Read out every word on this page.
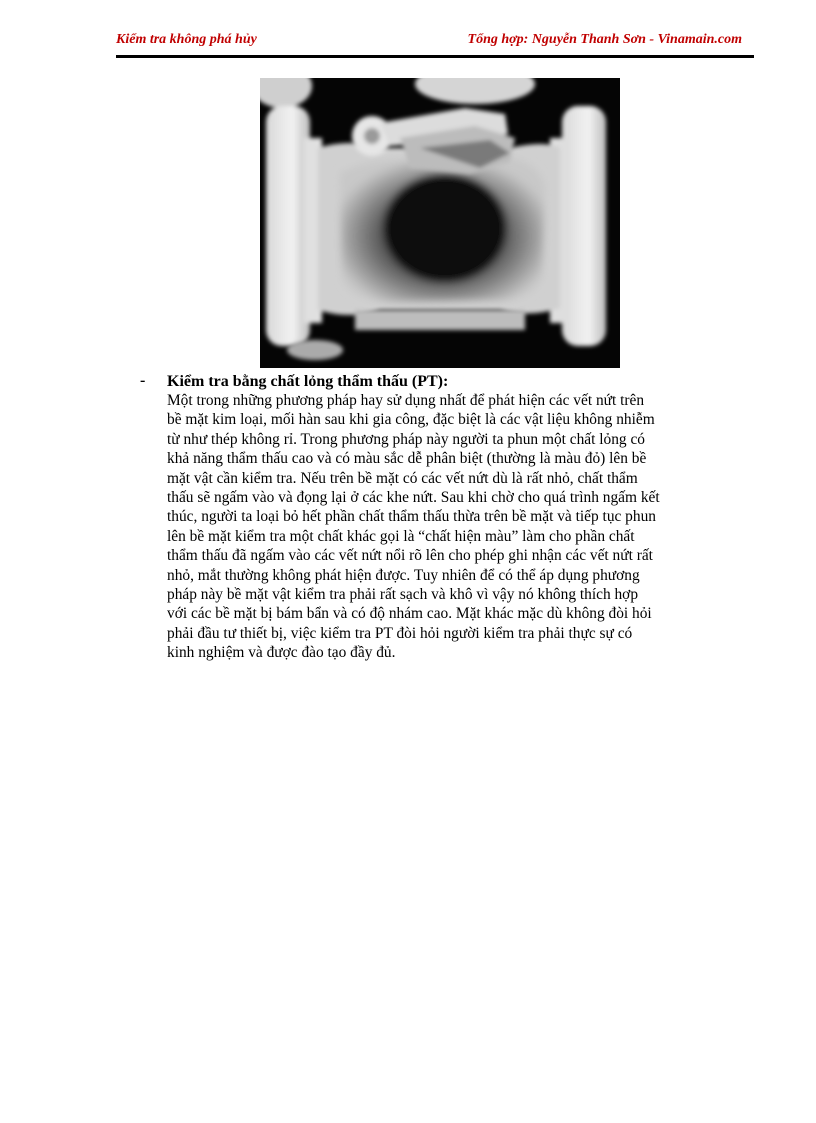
Kiểm tra không phá hủy	Tổng hợp: Nguyễn Thanh Sơn - Vinamain.com
- Kiểm tra bằng chất lỏng thẩm thấu (PT):

Một trong những phương pháp hay sử dụng nhất để phát hiện các vết nứt trên
bề mặt kim loại, mối hàn sau khi gia công, đặc biệt là các vật liệu không nhiễm
từ như thép không rỉ. Trong phương pháp này người ta phun một chất lỏng có
khả năng thẩm thấu cao và có màu sắc dễ phân biệt (thường là màu đỏ) lên bề
mặt vật cần kiểm tra. Nếu trên bề mặt có các vết nứt dù là rất nhỏ, chất thẩm
thấu sẽ ngấm vào và đọng lại ở các khe nứt. Sau khi chờ cho quá trình ngấm kết
thúc, người ta loại bỏ hết phần chất thẩm thấu thừa trên bề mặt và tiếp tục phun
lên bề mặt kiểm tra một chất khác gọi là “chất hiện màu” làm cho phần chất
thẩm thấu đã ngấm vào các vết nứt nổi rõ lên cho phép ghi nhận các vết nứt rất
nhỏ, mắt thường không phát hiện được. Tuy nhiên để có thể áp dụng phương
pháp này bề mặt vật kiểm tra phải rất sạch và khô vì vậy nó không thích hợp
với các bề mặt bị bám bẩn và có độ nhám cao. Mặt khác mặc dù không đòi hỏi
phải đầu tư thiết bị, việc kiểm tra PT đòi hỏi người kiểm tra phải thực sự có
kinh nghiệm và được đào tạo đầy đủ.
